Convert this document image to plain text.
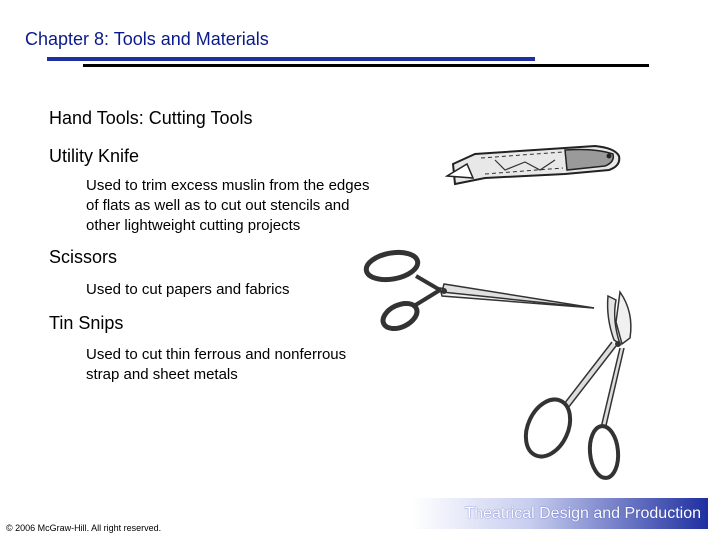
Chapter 8: Tools and Materials
Hand Tools: Cutting Tools
Utility Knife
Used to trim excess muslin from the edges
of flats as well as to cut out stencils and
other lightweight cutting projects
Scissors
Used to cut papers and fabrics
Tin Snips
Used to cut thin ferrous and nonferrous
strap and sheet metals
Theatrical Design and Production
© 2006 McGraw-Hill. All right reserved.
